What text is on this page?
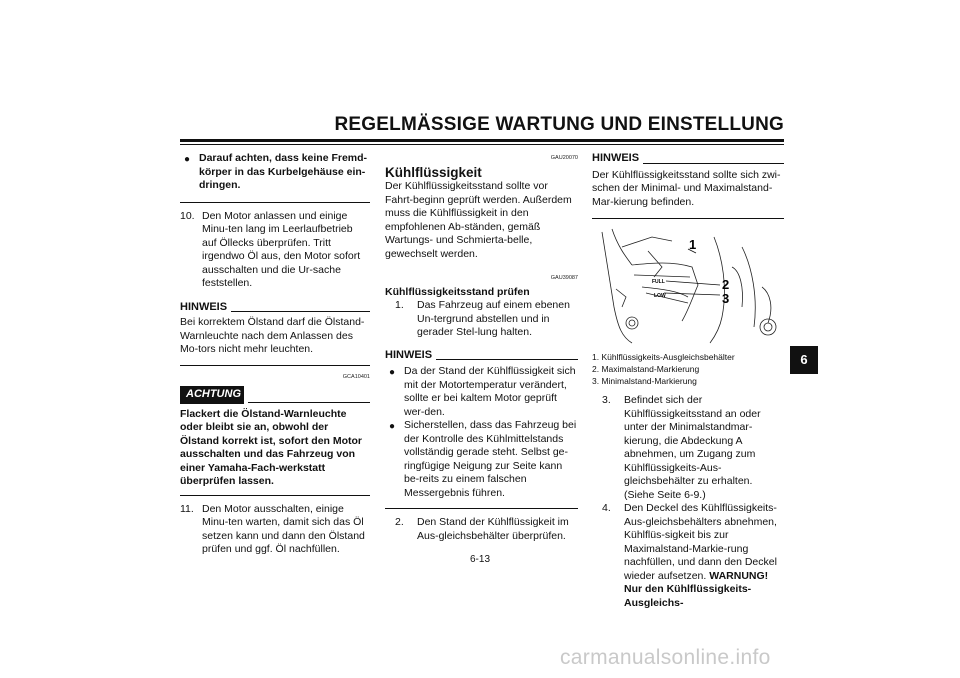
REGELMÄSSIGE WARTUNG UND EINSTELLUNG
● Darauf achten, dass keine Fremd-körper in das Kurbelgehäuse ein-dringen.
10. Den Motor anlassen und einige Minu-ten lang im Leerlaufbetrieb auf Öllecks überprüfen. Tritt irgendwo Öl aus, den Motor sofort ausschalten und die Ur-sache feststellen.
HINWEIS
Bei korrektem Ölstand darf die Ölstand-Warnleuchte nach dem Anlassen des Mo-tors nicht mehr leuchten.
GCA10401
ACHTUNG
Flackert die Ölstand-Warnleuchte oder bleibt sie an, obwohl der Ölstand korrekt ist, sofort den Motor ausschalten und das Fahrzeug von einer Yamaha-Fach-werkstatt überprüfen lassen.
11. Den Motor ausschalten, einige Minu-ten warten, damit sich das Öl setzen kann und dann den Ölstand prüfen und ggf. Öl nachfüllen.
GAU20070
Kühlflüssigkeit
Der Kühlflüssigkeitsstand sollte vor Fahrt-beginn geprüft werden. Außerdem muss die Kühlflüssigkeit in den empfohlenen Ab-ständen, gemäß Wartungs- und Schmierta-belle, gewechselt werden.
GAU39087
Kühlflüssigkeitsstand prüfen
1. Das Fahrzeug auf einem ebenen Un-tergrund abstellen und in gerader Stel-lung halten.
HINWEIS
● Da der Stand der Kühlflüssigkeit sich mit der Motortemperatur verändert, sollte er bei kaltem Motor geprüft wer-den.
● Sicherstellen, dass das Fahrzeug bei der Kontrolle des Kühlmittelstands vollständig gerade steht. Selbst ge-ringfügige Neigung zur Seite kann be-reits zu einem falschen Messergebnis führen.
2. Den Stand der Kühlflüssigkeit im Aus-gleichsbehälter überprüfen.
HINWEIS
Der Kühlflüssigkeitsstand sollte sich zwi-schen der Minimal- und Maximalstand-Mar-kierung befinden.
FULL
LOW
1
2
3
1. Kühlflüssigkeits-Ausgleichsbehälter
2. Maximalstand-Markierung
3. Minimalstand-Markierung
3. Befindet sich der Kühlflüssigkeitsstand an oder unter der Minimalstandmar-kierung, die Abdeckung A abnehmen, um Zugang zum Kühlflüssigkeits-Aus-gleichsbehälter zu erhalten. (Siehe Seite 6-9.)
4. Den Deckel des Kühlflüssigkeits-Aus-gleichsbehälters abnehmen, Kühlflüs-sigkeit bis zur Maximalstand-Markie-rung nachfüllen, und dann den Deckel wieder aufsetzen. WARNUNG! Nur den Kühlflüssigkeits-Ausgleichs-
6
6-13
carmanualsonline.info
